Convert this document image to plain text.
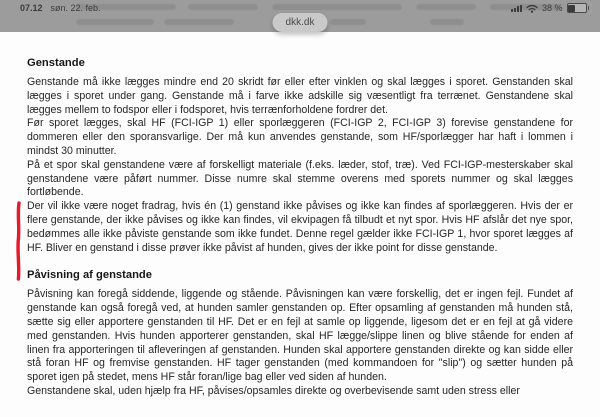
07.12 søn. 22. feb.	38 %
dkk.dk
Genstande

Genstande må ikke lægges mindre end 20 skridt før eller efter vinklen og skal lægges i sporet. Genstanden skal lægges i sporet under gang. Genstande må i farve ikke adskille sig væsentligt fra terrænet. Genstandene skal lægges mellem to fodspor eller i fodsporet, hvis terrænforholdene fordrer det.

Før sporet lægges, skal HF (FCI-IGP 1) eller sporlæggeren (FCI-IGP 2, FCI-IGP 3) forevise genstandene for dommeren eller den sporansvarlige. Der må kun anvendes genstande, som HF/sporlægger har haft i lommen i mindst 30 minutter.

På et spor skal genstandene være af forskelligt materiale (f.eks. læder, stof, træ). Ved FCI-IGP-mesterskaber skal genstandene være påført nummer. Disse numre skal stemme overens med sporets nummer og skal lægges fortløbende.

Der vil ikke være noget fradrag, hvis én (1) genstand ikke påvises og ikke kan findes af sporlæggeren. Hvis der er flere genstande, der ikke påvises og ikke kan findes, vil ekvipagen få tilbudt et nyt spor. Hvis HF afslår det nye spor, bedømmes alle ikke påviste genstande som ikke fundet. Denne regel gælder ikke FCI-IGP 1, hvor sporet lægges af HF. Bliver en genstand i disse prøver ikke påvist af hunden, gives der ikke point for disse genstande.

Påvisning af genstande

Påvisning kan foregå siddende, liggende og stående. Påvisningen kan være forskellig, det er ingen fejl. Fundet af genstande kan også foregå ved, at hunden samler genstanden op. Efter opsamling af genstanden må hunden stå, sætte sig eller apportere genstanden til HF. Det er en fejl at samle op liggende, ligesom det er en fejl at gå videre med genstanden. Hvis hunden apporterer genstanden, skal HF lægge/slippe linen og blive stående for enden af linen fra apporteringen til afleveringen af genstanden. Hunden skal apportere genstanden direkte og kan sidde eller stå foran HF og fremvise genstanden. HF tager genstanden (med kommandoen for "slip") og sætter hunden på sporet igen på stedet, mens HF står foran/lige bag eller ved siden af hunden.

Genstandene skal, uden hjælp fra HF, påvises/opsamles direkte og overbevisende samt uden stress eller
